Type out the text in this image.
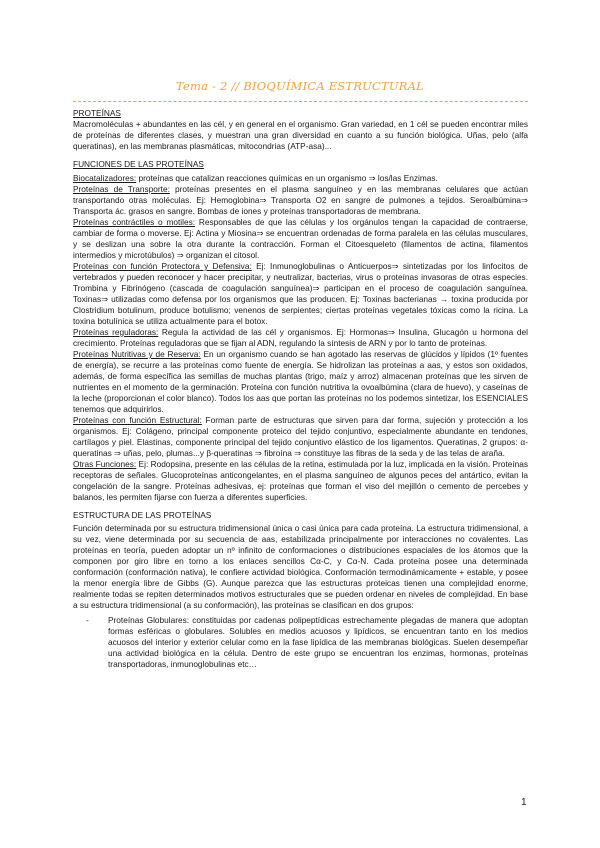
Tema - 2 // BIOQUÍMICA ESTRUCTURAL

PROTEÍNAS

Macromoléculas + abundantes en las cél, y en general en el organismo. Gran variedad, en 1 cél se pueden encontrar miles de proteínas de diferentes clases, y muestran una gran diversidad en cuanto a su función biológica. Uñas, pelo (alfa queratinas), en las membranas plasmáticas, mitocondrias (ATP-asa)...

FUNCIONES DE LAS PROTEÍNAS

Biocatalizadores: proteínas que catalizan reacciones químicas en un organismo ⇒ los/las Enzimas.

Proteínas de Transporte: proteínas presentes en el plasma sanguíneo y en las membranas celulares que actúan transportando otras moléculas. Ej: Hemoglobina⇒ Transporta O2 en sangre de pulmones a tejidos. Seroalbúmina⇒ Transporta ác. grasos en sangre. Bombas de iones y proteínas transportadoras de membrana.

Proteínas contráctiles o motiles: Responsables de que las células y los orgánulos tengan la capacidad de contraerse, cambiar de forma o moverse. Ej: Actina y Miosina⇒ se encuentran ordenadas de forma paralela en las células musculares, y se deslizan una sobre la otra durante la contracción. Forman el Citoesqueleto (filamentos de actina, filamentos intermedios y microtúbulos) ⇒ organizan el citosol.

Proteínas con función Protectora y Defensiva: Ej: Inmunoglobulinas o Anticuerpos⇒ sintetizadas por los linfocitos de vertebrados y pueden reconocer y hacer precipitar, y neutralizar, bacterias, virus o proteínas invasoras de otras especies. Trombina y Fibrinógeno (cascada de coagulación sanguínea)⇒ participan en el proceso de coagulación sanguínea. Toxinas⇒ utilizadas como defensa por los organismos que las producen. Ej: Toxinas bacterianas → toxina producida por Clostridium botulinum, produce botulismo; venenos de serpientes; ciertas proteínas vegetales tóxicas como la ricina. La toxina botulínica se utiliza actualmente para el botox.

Proteínas reguladoras: Regula la actividad de las cél y organismos. Ej: Hormonas⇒ Insulina, Glucagón u hormona del crecimiento. Proteínas reguladoras que se fijan al ADN, regulando la síntesis de ARN y por lo tanto de proteínas.

Proteínas Nutritivas y de Reserva: En un organismo cuando se han agotado las reservas de glúcidos y lípidos (1º fuentes de energía), se recurre a las proteínas como fuente de energía. Se hidrolizan las proteínas a aas, y estos son oxidados, además, de forma específica las semillas de muchas plantas (trigo, maíz y arroz) almacenan proteínas que les sirven de nutrientes en el momento de la germinación. Proteína con función nutritiva la ovoalbúmina (clara de huevo), y caseínas de la leche (proporcionan el color blanco). Todos los aas que portan las proteínas no los podemos sintetizar, los ESENCIALES tenemos que adquirirlos.

Proteínas con función Estructural: Forman parte de estructuras que sirven para dar forma, sujeción y protección a los organismos. Ej: Colágeno, principal componente proteico del tejido conjuntivo, especialmente abundante en tendones, cartílagos y piel. Elastinas, componente principal del tejido conjuntivo elástico de los ligamentos. Queratinas, 2 grupos: α-queratinas ⇒ uñas, pelo, plumas...y β-queratinas ⇒ fibroína ⇒ constituye las fibras de la seda y de las telas de araña.

Otras Funciones: Ej: Rodopsina, presente en las células de la retina, estimulada por la luz, implicada en la visión. Proteínas receptoras de señales. Glucoproteínas anticongelantes, en el plasma sanguíneo de algunos peces del antártico, evitan la congelación de la sangre. Proteínas adhesivas, ej: proteínas que forman el viso del mejillón o cemento de percebes y balanos, les permiten fijarse con fuerza a diferentes superficies.

ESTRUCTURA DE LAS PROTEÍNAS

Función determinada por su estructura tridimensional única o casi única para cada proteína. La estructura tridimensional, a su vez, viene determinada por su secuencia de aas, estabilizada principalmente por interacciones no covalentes. Las proteínas en teoría, pueden adoptar un nº infinito de conformaciones o distribuciones espaciales de los átomos que la componen por giro libre en torno a los enlaces sencillos Cα-C, y Cα-N. Cada proteína posee una determinada conformación (conformación nativa), le confiere actividad biológica. Conformación termodinámicamente + estable, y posee la menor energía libre de Gibbs (G). Aunque parezca que las estructuras proteicas tienen una complejidad enorme, realmente todas se repiten determinados motivos estructurales que se pueden ordenar en niveles de complejidad. En base a su estructura tridimensional (a su conformación), las proteínas se clasifican en dos grupos:

- Proteínas Globulares: constituidas por cadenas polipeptídicas estrechamente plegadas de manera que adoptan formas esféricas o globulares. Solubles en medios acuosos y lipídicos, se encuentran tanto en los medios acuosos del interior y exterior celular como en la fase lipídica de las membranas biológicas. Suelen desempeñar una actividad biológica en la célula. Dentro de este grupo se encuentran los enzimas, hormonas, proteínas transportadoras, inmunoglobulinas etc…
1
